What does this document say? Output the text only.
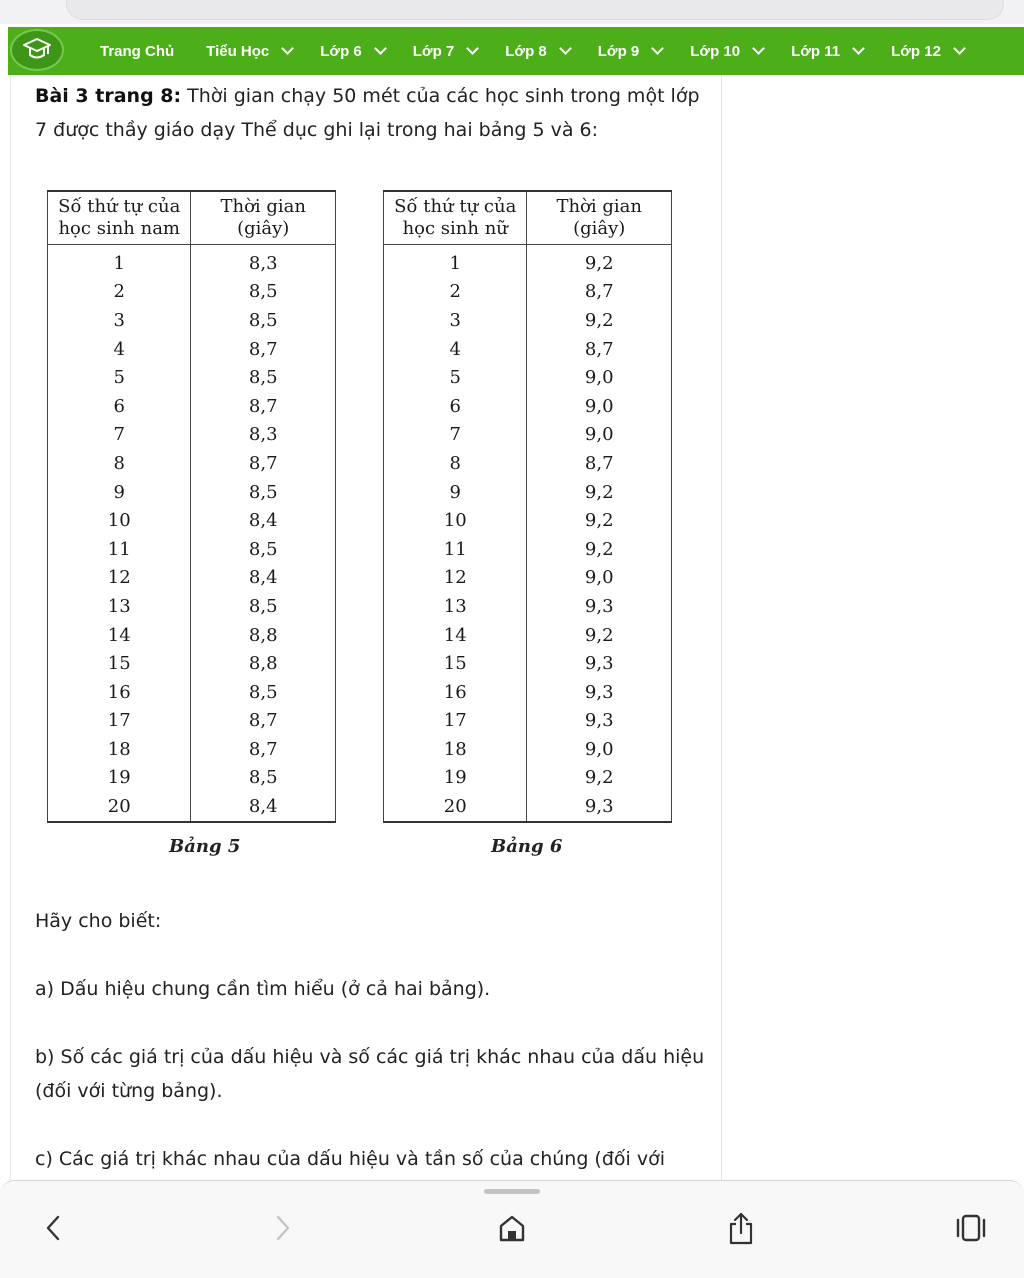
Trang Chủ Tiểu Học	Lớp 6	Lớp 7	Lớp 8	Lớp 9	Lớp 10	Lớp 11	Lớp 12

Bài 3 trang 8: Thời gian chạy 50 mét của các học sinh trong một lớp 7 được thầy giáo dạy Thể dục ghi lại trong hai bảng 5 và 6:

Số thứ tự của
học sinh nam	Thời gian
(giây)
1	8,3
2	8,5
3	8,5
4	8,7
5	8,5
6	8,7
7	8,3
8	8,7
9	8,5
10	8,4
11	8,5
12	8,4
13	8,5
14	8,8
15	8,8
16	8,5
17	8,7
18	8,7
19	8,5
20	8,4
Bảng 5
Số thứ tự của
học sinh nữ	Thời gian
(giây)
1	9,2
2	8,7
3	9,2
4	8,7
5	9,0
6	9,0
7	9,0
8	8,7
9	9,2
10	9,2
11	9,2
12	9,0
13	9,3
14	9,2
15	9,3
16	9,3
17	9,3
18	9,0
19	9,2
20	9,3
Bảng 6

Hãy cho biết:

a) Dấu hiệu chung cần tìm hiểu (ở cả hai bảng).

b) Số các giá trị của dấu hiệu và số các giá trị khác nhau của dấu hiệu (đối với từng bảng).

c) Các giá trị khác nhau của dấu hiệu và tần số của chúng (đối với
